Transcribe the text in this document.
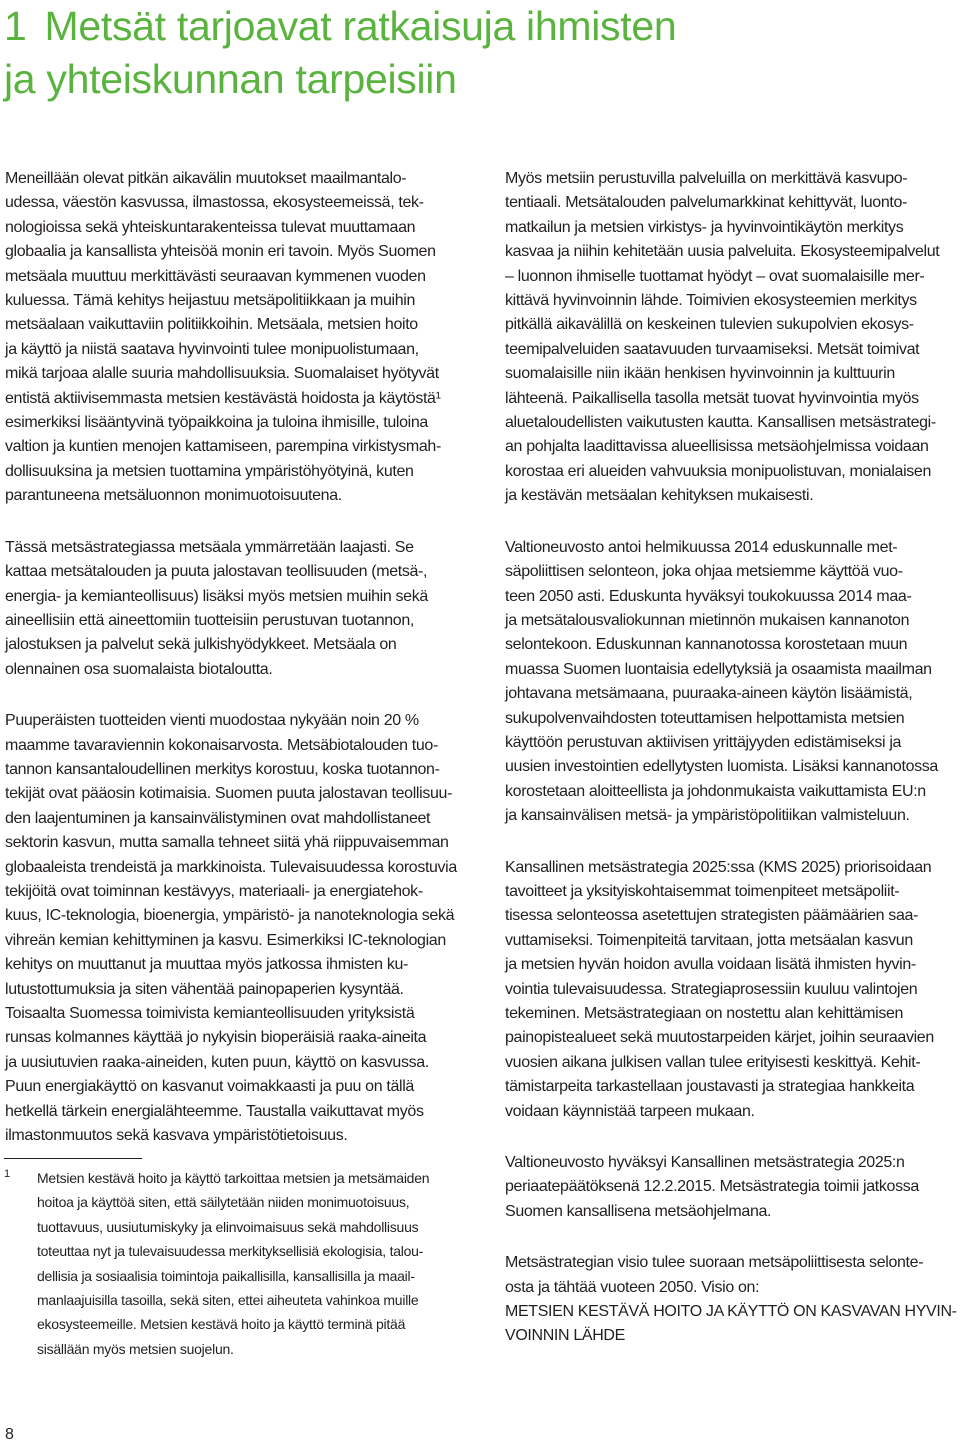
1 Metsät tarjoavat ratkaisuja ihmisten
ja yhteiskunnan tarpeisiin
Meneillään olevat pitkän aikavälin muutokset maailmantalo-
udessa, väestön kasvussa, ilmastossa, ekosysteemeissä, tek-
nologioissa sekä yhteiskuntarakenteissa tulevat muuttamaan
globaalia ja kansallista yhteisöä monin eri tavoin. Myös Suomen
metsäala muuttuu merkittävästi seuraavan kymmenen vuoden
kuluessa. Tämä kehitys heijastuu metsäpolitiikkaan ja muihin
metsäalaan vaikuttaviin politiikkoihin. Metsäala, metsien hoito
ja käyttö ja niistä saatava hyvinvointi tulee monipuolistumaan,
mikä tarjoaa alalle suuria mahdollisuuksia. Suomalaiset hyötyvät
entistä aktiivisemmasta metsien kestävästä hoidosta ja käytöstä¹
esimerkiksi lisääntyvinä työpaikkoina ja tuloina ihmisille, tuloina
valtion ja kuntien menojen kattamiseen, parempina virkistysmah-
dollisuuksina ja metsien tuottamina ympäristöhyötyinä, kuten
parantuneena metsäluonnon monimuotoisuutena.
Tässä metsästrategiassa metsäala ymmärretään laajasti. Se
kattaa metsätalouden ja puuta jalostavan teollisuuden (metsä-,
energia- ja kemianteollisuus) lisäksi myös metsien muihin sekä
aineellisiin että aineettomiin tuotteisiin perustuvan tuotannon,
jalostuksen ja palvelut sekä julkishyödykkeet. Metsäala on
olennainen osa suomalaista biotaloutta.
Puuperäisten tuotteiden vienti muodostaa nykyään noin 20 %
maamme tavaraviennin kokonaisarvosta. Metsäbiotalouden tuo-
tannon kansantaloudellinen merkitys korostuu, koska tuotannon-
tekijät ovat pääosin kotimaisia. Suomen puuta jalostavan teollisuu-
den laajentuminen ja kansainvälistyminen ovat mahdollistaneet
sektorin kasvun, mutta samalla tehneet siitä yhä riippuvaisemman
globaaleista trendeistä ja markkinoista. Tulevaisuudessa korostuvia
tekijöitä ovat toiminnan kestävyys, materiaali- ja energiatehok-
kuus, IC-teknologia, bioenergia, ympäristö- ja nanoteknologia sekä
vihreän kemian kehittyminen ja kasvu. Esimerkiksi IC-teknologian
kehitys on muuttanut ja muuttaa myös jatkossa ihmisten ku-
lutustottumuksia ja siten vähentää painopaperien kysyntää.
Toisaalta Suomessa toimivista kemianteollisuuden yrityksistä
runsas kolmannes käyttää jo nykyisin bioperäisiä raaka-aineita
ja uusiutuvien raaka-aineiden, kuten puun, käyttö on kasvussa.
Puun energiakäyttö on kasvanut voimakkaasti ja puu on tällä
hetkellä tärkein energialähteemme. Taustalla vaikuttavat myös
ilmastonmuutos sekä kasvava ympäristötietoisuus.
Myös metsiin perustuvilla palveluilla on merkittävä kasvupo-
tentiaali. Metsätalouden palvelumarkkinat kehittyvät, luonto-
matkailun ja metsien virkistys- ja hyvinvointikäytön merkitys
kasvaa ja niihin kehitetään uusia palveluita. Ekosysteemipalvelut
– luonnon ihmiselle tuottamat hyödyt – ovat suomalaisille mer-
kittävä hyvinvoinnin lähde. Toimivien ekosysteemien merkitys
pitkällä aikavälillä on keskeinen tulevien sukupolvien ekosys-
teemipalveluiden saatavuuden turvaamiseksi. Metsät toimivat
suomalaisille niin ikään henkisen hyvinvoinnin ja kulttuurin
lähteenä. Paikallisella tasolla metsät tuovat hyvinvointia myös
aluetaloudellisten vaikutusten kautta. Kansallisen metsästrategi-
an pohjalta laadittavissa alueellisissa metsäohjelmissa voidaan
korostaa eri alueiden vahvuuksia monipuolistuvan, monialaisen
ja kestävän metsäalan kehityksen mukaisesti.
Valtioneuvosto antoi helmikuussa 2014 eduskunnalle met-
säpoliittisen selonteon, joka ohjaa metsiemme käyttöä vuo-
teen 2050 asti. Eduskunta hyväksyi toukokuussa 2014 maa-
ja metsätalousvaliokunnan mietinnön mukaisen kannanoton
selontekoon. Eduskunnan kannanotossa korostetaan muun
muassa Suomen luontaisia edellytyksiä ja osaamista maailman
johtavana metsämaana, puuraaka-aineen käytön lisäämistä,
sukupolvenvaihdosten toteuttamisen helpottamista metsien
käyttöön perustuvan aktiivisen yrittäjyyden edistämiseksi ja
uusien investointien edellytysten luomista. Lisäksi kannanotossa
korostetaan aloitteellista ja johdonmukaista vaikuttamista EU:n
ja kansainvälisen metsä- ja ympäristöpolitiikan valmisteluun.
Kansallinen metsästrategia 2025:ssa (KMS 2025) priorisoidaan
tavoitteet ja yksityiskohtaisemmat toimenpiteet metsäpoliit-
tisessa selonteossa asetettujen strategisten päämäärien saa-
vuttamiseksi. Toimenpiteitä tarvitaan, jotta metsäalan kasvun
ja metsien hyvän hoidon avulla voidaan lisätä ihmisten hyvin-
vointia tulevaisuudessa. Strategiaprosessiin kuuluu valintojen
tekeminen. Metsästrategiaan on nostettu alan kehittämisen
painopistealueet sekä muutostarpeiden kärjet, joihin seuraavien
vuosien aikana julkisen vallan tulee erityisesti keskittyä. Kehit-
tämistarpeita tarkastellaan joustavasti ja strategiaa hankkeita
voidaan käynnistää tarpeen mukaan.
Valtioneuvosto hyväksyi Kansallinen metsästrategia 2025:n
periaatepäätöksenä 12.2.2015. Metsästrategia toimii jatkossa
Suomen kansallisena metsäohjelmana.
Metsästrategian visio tulee suoraan metsäpoliittisesta selonte-
osta ja tähtää vuoteen 2050. Visio on:
METSIEN KESTÄVÄ HOITO JA KÄYTTÖ ON KASVAVAN HYVIN-
VOINNIN LÄHDE
1 Metsien kestävä hoito ja käyttö tarkoittaa metsien ja metsämaiden
hoitoa ja käyttöä siten, että säilytetään niiden monimuotoisuus,
tuottavuus, uusiutumiskyky ja elinvoimaisuus sekä mahdollisuus
toteuttaa nyt ja tulevaisuudessa merkityksellisiä ekologisia, talou-
dellisia ja sosiaalisia toimintoja paikallisilla, kansallisilla ja maail-
manlaajuisilla tasoilla, sekä siten, ettei aiheuteta vahinkoa muille
ekosysteemeille. Metsien kestävä hoito ja käyttö terminä pitää
sisällään myös metsien suojelun.
8
